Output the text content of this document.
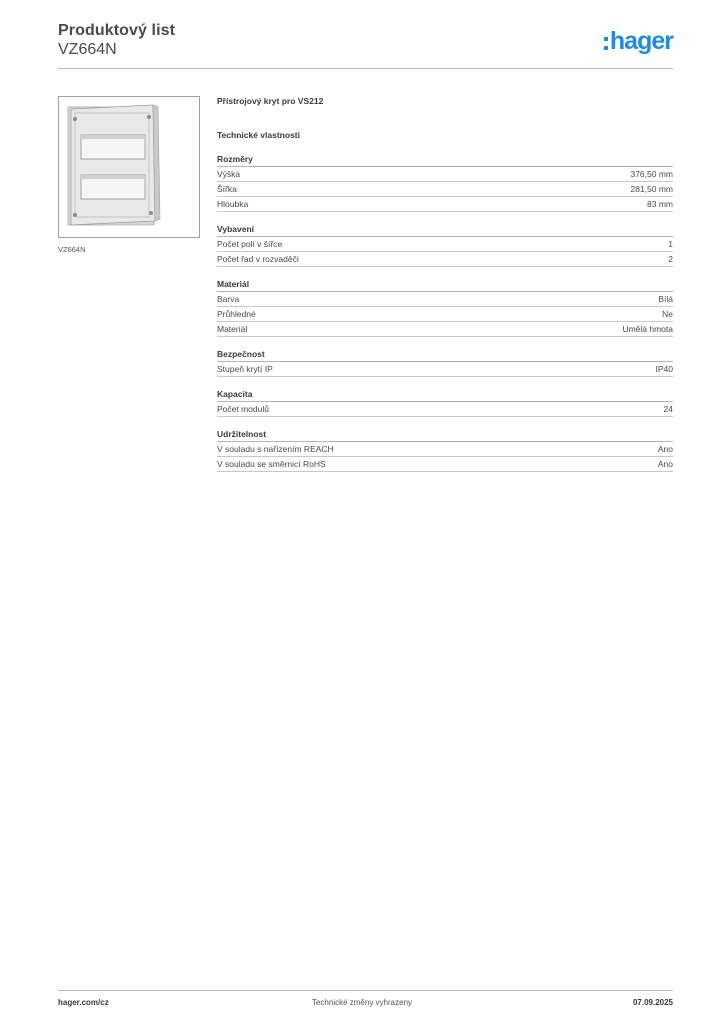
Produktový list
VZ664N	hager
VZ664N
Přístrojový kryt pro VS212
Technické vlastnosti
Rozměry
Výška	376,50 mm
Šířka	281,50 mm
Hloubka	83 mm
Vybavení
Počet polí v šířce	1
Počet řad v rozvaděči	2
Materiál
Barva	Bílá
Průhledné	Ne
Materiál	Umělá hmota
Bezpečnost
Stupeň krytí IP	IP40
Kapacita
Počet modulů	24
Udržitelnost
V souladu s nařízením REACH	Ano
V souladu se směrnicí RoHS	Ano
hager.com/cz	Technické změny vyhrazeny	07.09.2025
